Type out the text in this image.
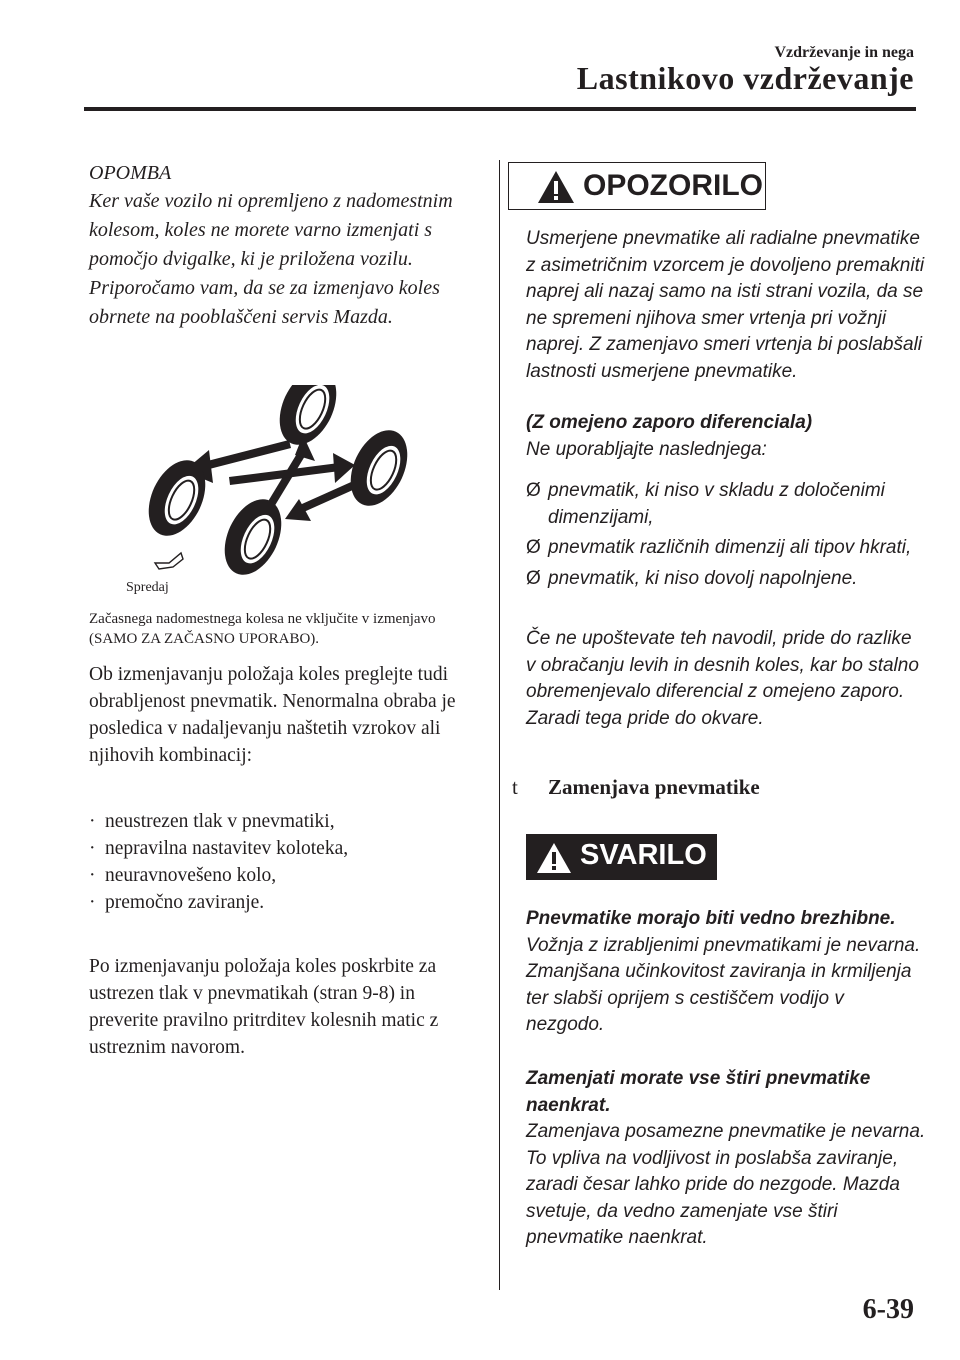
Vzdrževanje in nega
Lastnikovo vzdrževanje

OPOMBA

Ker vaše vozilo ni opremljeno z nadomestnim kolesom, koles ne morete varno izmenjati s pomočjo dvigalke, ki je priložena vozilu. Priporočamo vam, da se za izmenjavo koles obrnete na pooblaščeni servis Mazda.

Spredaj
Začasnega nadomestnega kolesa ne vključite v izmenjavo (SAMO ZA ZAČASNO UPORABO).

Ob izmenjavanju položaja koles preglejte tudi obrabljenost pnevmatik. Nenormalna obraba je posledica v nadaljevanju naštetih vzrokov ali njihovih kombinacij:

· neustrezen tlak v pnevmatiki,
· nepravilna nastavitev koloteka,
· neuravnovešeno kolo,
· premočno zaviranje.

Po izmenjavanju položaja koles poskrbite za ustrezen tlak v pnevmatikah (stran 9-8) in preverite pravilno pritrditev kolesnih matic z ustreznim navorom.

OPOZORILO

Usmerjene pnevmatike ali radialne pnevmatike z asimetričnim vzorcem je dovoljeno premakniti naprej ali nazaj samo na isti strani vozila, da se ne spremeni njihova smer vrtenja pri vožnji naprej. Z zamenjavo smeri vrtenja bi poslabšali lastnosti usmerjene pnevmatike.

(Z omejeno zaporo diferenciala)

Ne uporabljajte naslednjega:

Ø pnevmatik, ki niso v skladu z določenimi dimenzijami,
Ø pnevmatik različnih dimenzij ali tipov hkrati,
Ø pnevmatik, ki niso dovolj napolnjene.

Če ne upoštevate teh navodil, pride do razlike v obračanju levih in desnih koles, kar bo stalno obremenjevalo diferencial z omejeno zaporo.

Zaradi tega pride do okvare.

t Zamenjava pnevmatike
SVARILO

Pnevmatike morajo biti vedno brezhibne.

Vožnja z izrabljenimi pnevmatikami je nevarna. Zmanjšana učinkovitost zaviranja in krmiljenja ter slabši oprijem s cestiščem vodijo v nezgodo.

Zamenjati morate vse štiri pnevmatike naenkrat.

Zamenjava posamezne pnevmatike je nevarna. To vpliva na vodljivost in poslabša zaviranje, zaradi česar lahko pride do nezgode. Mazda svetuje, da vedno zamenjate vse štiri pnevmatike naenkrat.

6-39
